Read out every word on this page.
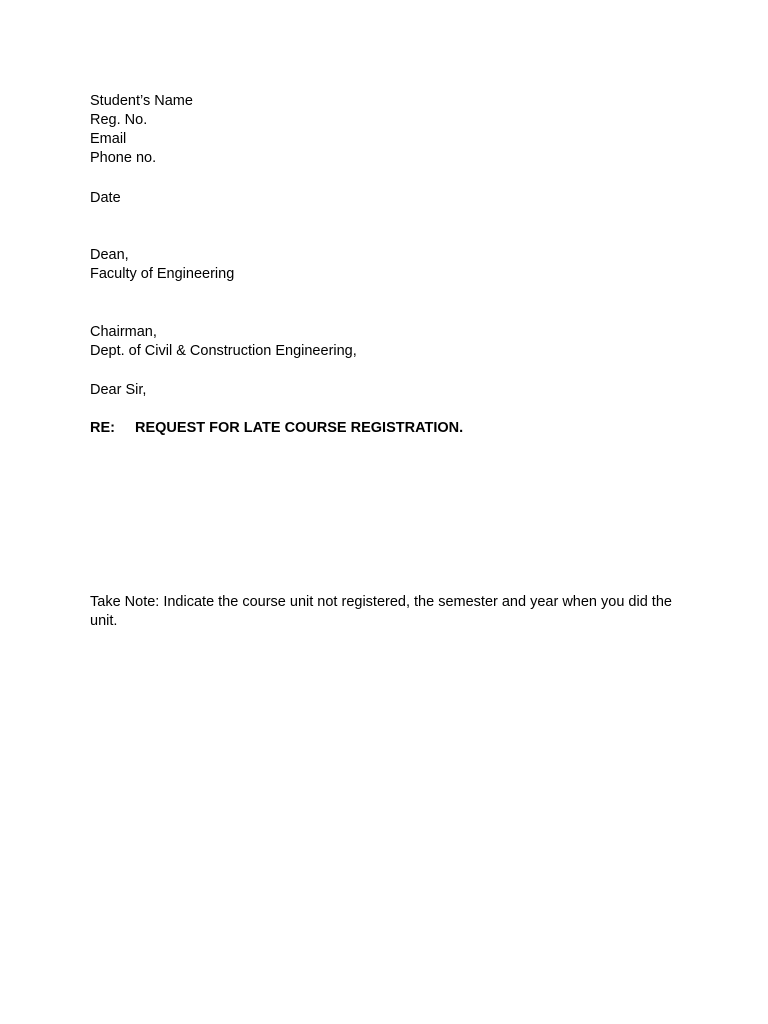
Student’s Name
Reg. No.
Email
Phone no.
Date
Dean,
Faculty of Engineering
Chairman,
Dept. of Civil & Construction Engineering,
Dear Sir,
RE: REQUEST FOR LATE COURSE REGISTRATION.
Take Note: Indicate the course unit not registered, the semester and year when you did the unit.
